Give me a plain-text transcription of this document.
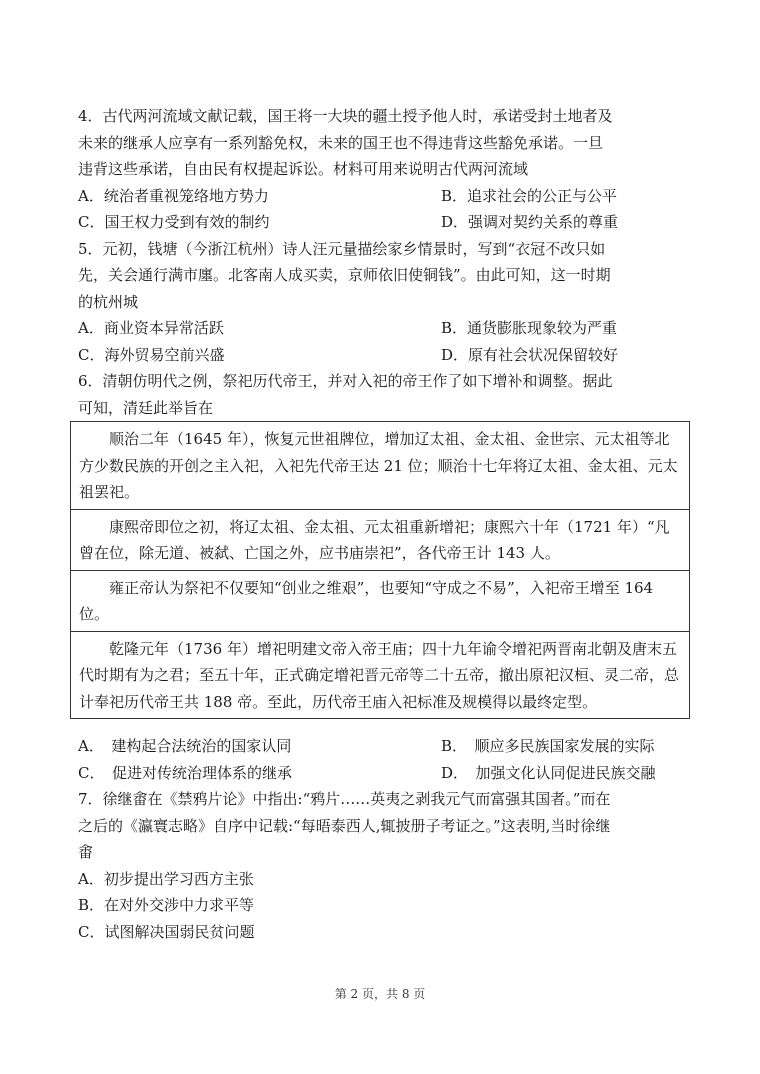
4．古代两河流域文献记载，国王将一大块的疆土授予他人时，承诺受封土地者及

未来的继承人应享有一系列豁免权，未来的国王也不得违背这些豁免承诺。一旦

违背这些承诺，自由民有权提起诉讼。材料可用来说明古代两河流域

A．统治者重视笼络地方势力	B．追求社会的公正与公平
C．国王权力受到有效的制约	D．强调对契约关系的尊重

5．元初，钱塘（今浙江杭州）诗人汪元量描绘家乡情景时，写到“衣冠不改只如

先，关会通行满市廛。北客南人成买卖，京师依旧使铜钱”。由此可知，这一时期

的杭州城

A．商业资本异常活跃	B．通货膨胀现象较为严重
C．海外贸易空前兴盛	D．原有社会状况保留较好

6．清朝仿明代之例，祭祀历代帝王，并对入祀的帝王作了如下增补和调整。据此

可知，清廷此举旨在

顺治二年（1645 年），恢复元世祖牌位，增加辽太祖、金太祖、金世宗、元太祖等北方少数民族的开创之主入祀，入祀先代帝王达 21 位；顺治十七年将辽太祖、金太祖、元太祖罢祀。

康熙帝即位之初，将辽太祖、金太祖、元太祖重新增祀；康熙六十年（1721 年）“凡曾在位，除无道、被弑、亡国之外，应书庙崇祀”，各代帝王计 143 人。

雍正帝认为祭祀不仅要知“创业之维艰”，也要知“守成之不易”，入祀帝王增至 164 位。

乾隆元年（1736 年）增祀明建文帝入帝王庙；四十九年谕令增祀两晋南北朝及唐末五代时期有为之君；至五十年，正式确定增祀晋元帝等二十五帝，撤出原祀汉桓、灵二帝，总计奉祀历代帝王共 188 帝。至此，历代帝王庙入祀标准及规模得以最终定型。

A．　建构起合法统治的国家认同	B．　顺应多民族国家发展的实际
C．　促进对传统治理体系的继承	D．　加强文化认同促进民族交融

7．徐继畬在《禁鸦片论》中指出:“鸦片……英夷之剥我元气而富强其国者。”而在

之后的《瀛寰志略》自序中记载:“每晤泰西人,辄披册子考证之。”这表明,当时徐继

畬

A．初步提出学习西方主张

B．在对外交涉中力求平等

C．试图解决国弱民贫问题

第 2 页，共 8 页
